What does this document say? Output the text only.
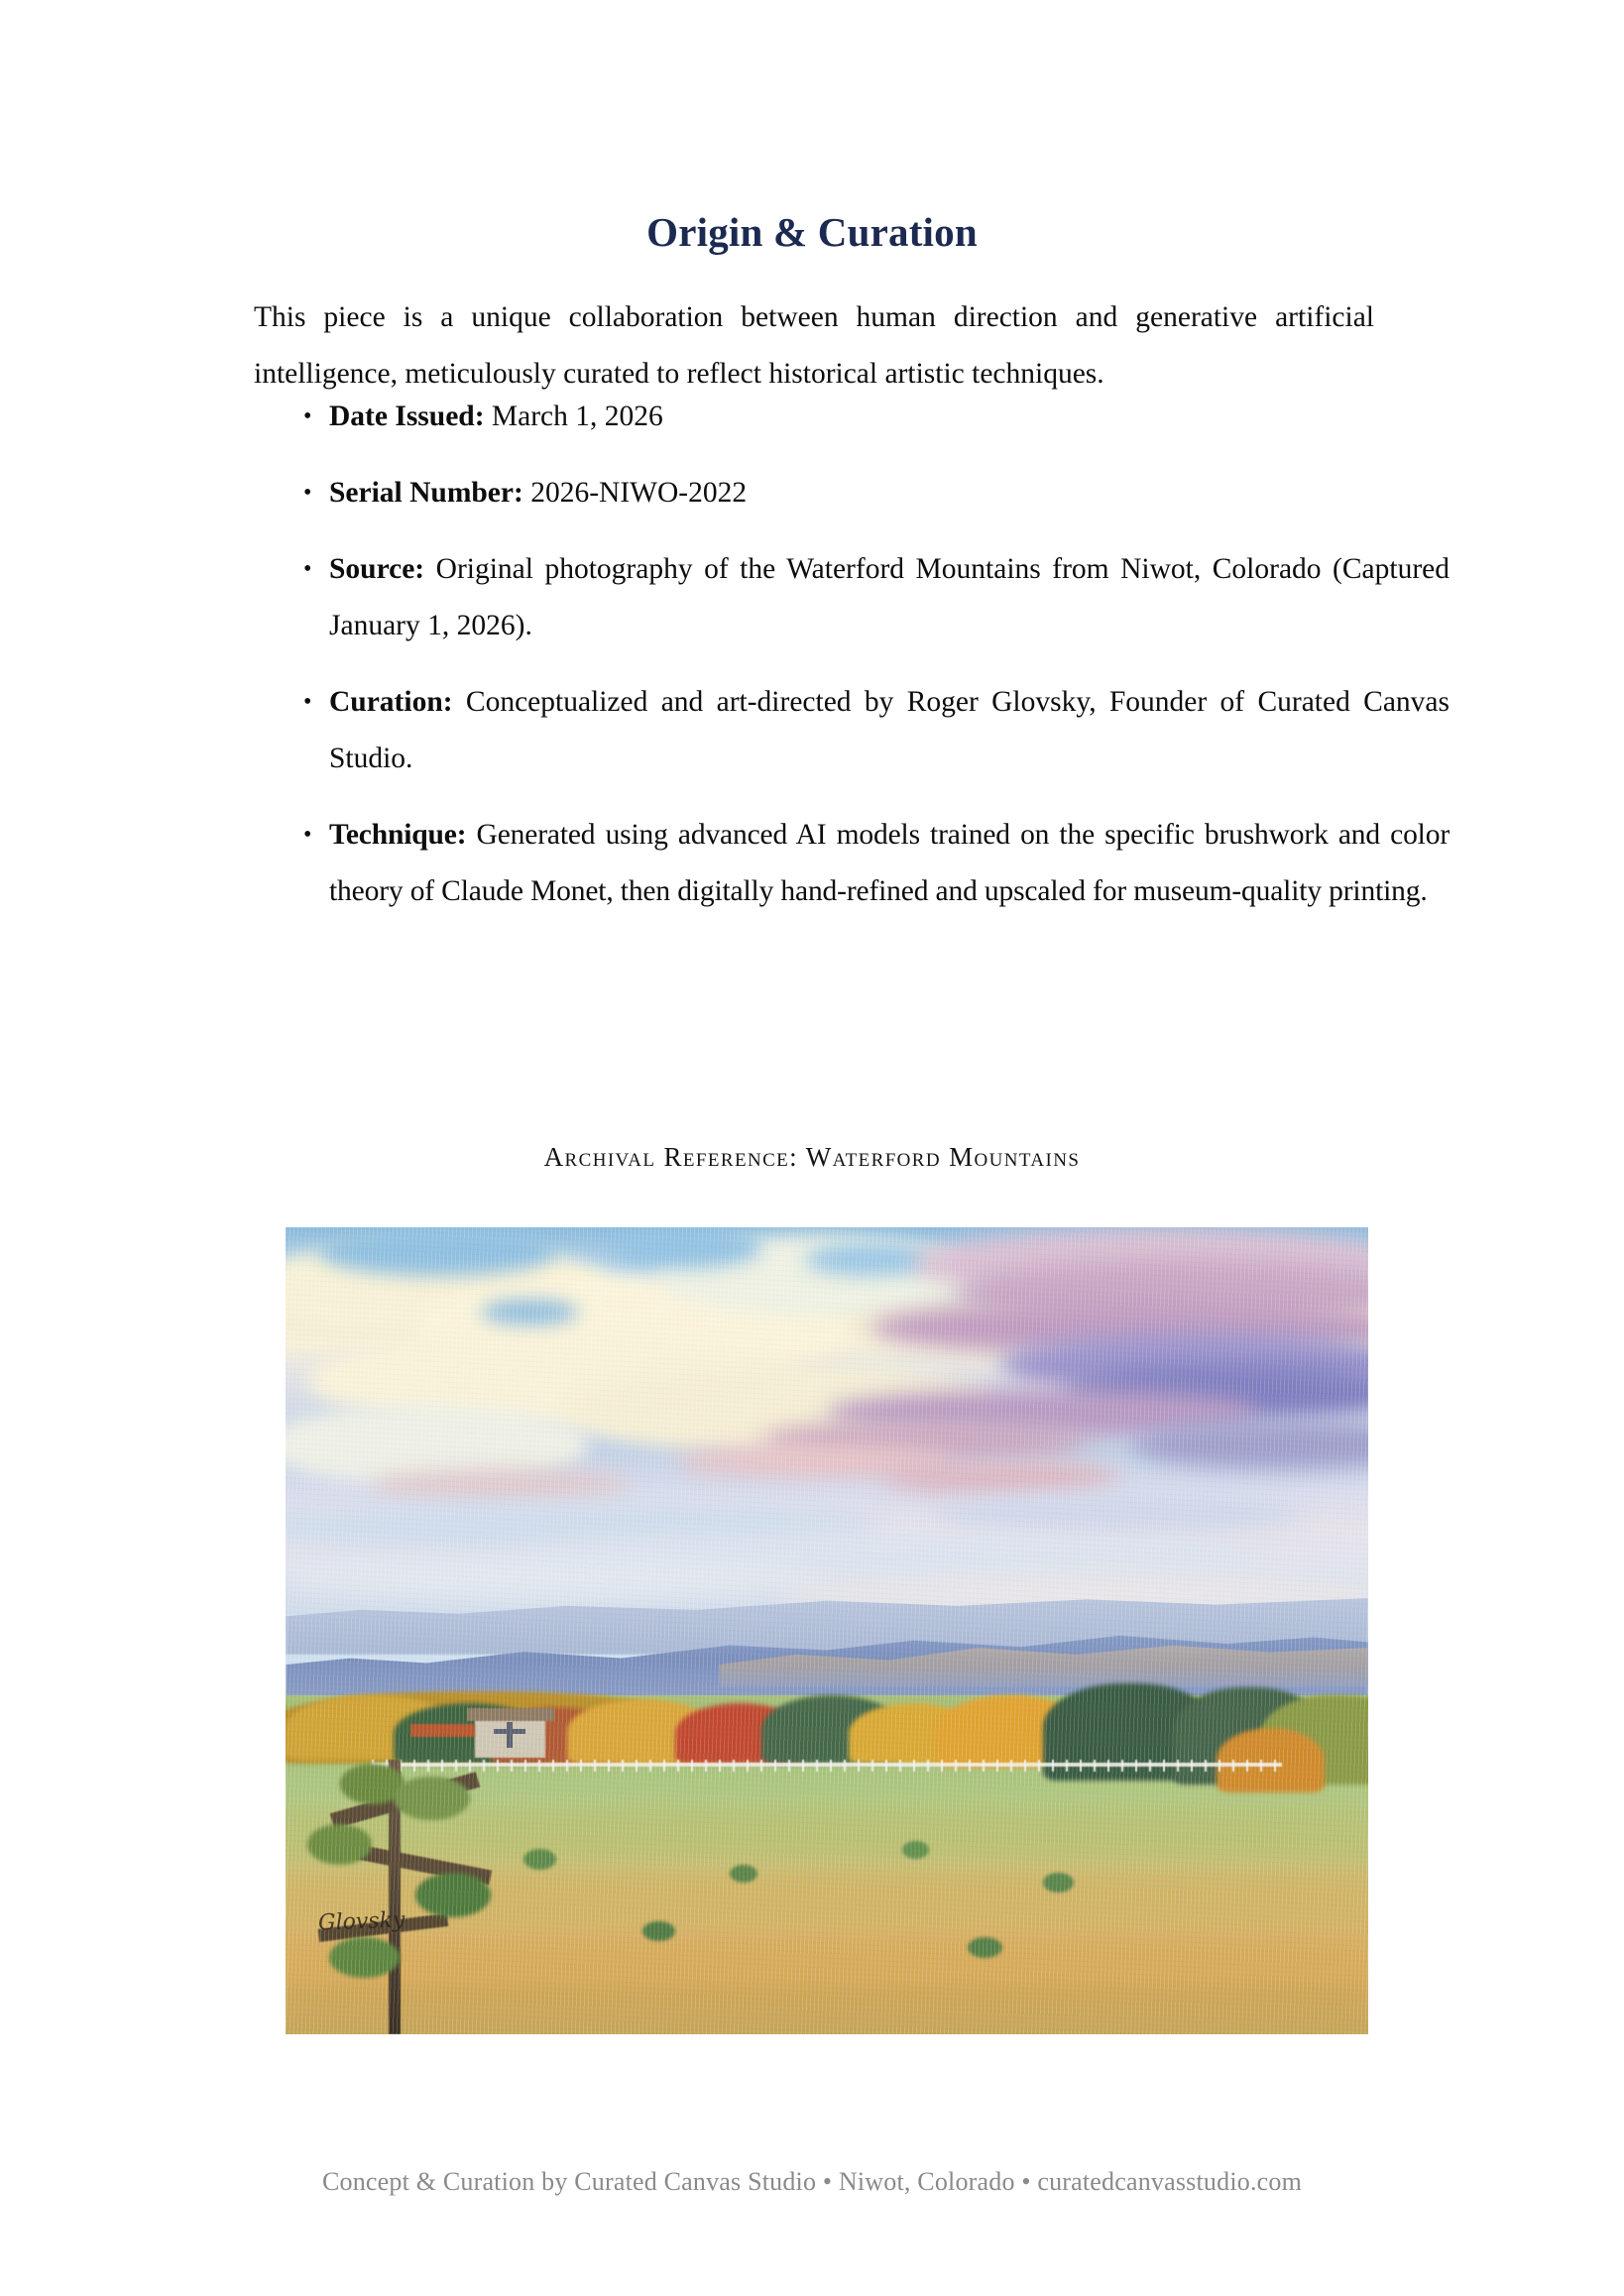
Origin & Curation

This piece is a unique collaboration between human direction and generative artificial intelligence, meticulously curated to reflect historical artistic techniques.

• Date Issued: March 1, 2026
• Serial Number: 2026-NIWO-2022
• Source: Original photography of the Waterford Mountains from Niwot, Colorado (Captured January 1, 2026).
• Curation: Conceptualized and art-directed by Roger Glovsky, Founder of Curated Canvas Studio.
• Technique: Generated using advanced AI models trained on the specific brushwork and color theory of Claude Monet, then digitally hand-refined and upscaled for museum-quality printing.
Archival Reference: Waterford Mountains
Glovsky
Concept & Curation by Curated Canvas Studio • Niwot, Colorado • curatedcanvasstudio.com
